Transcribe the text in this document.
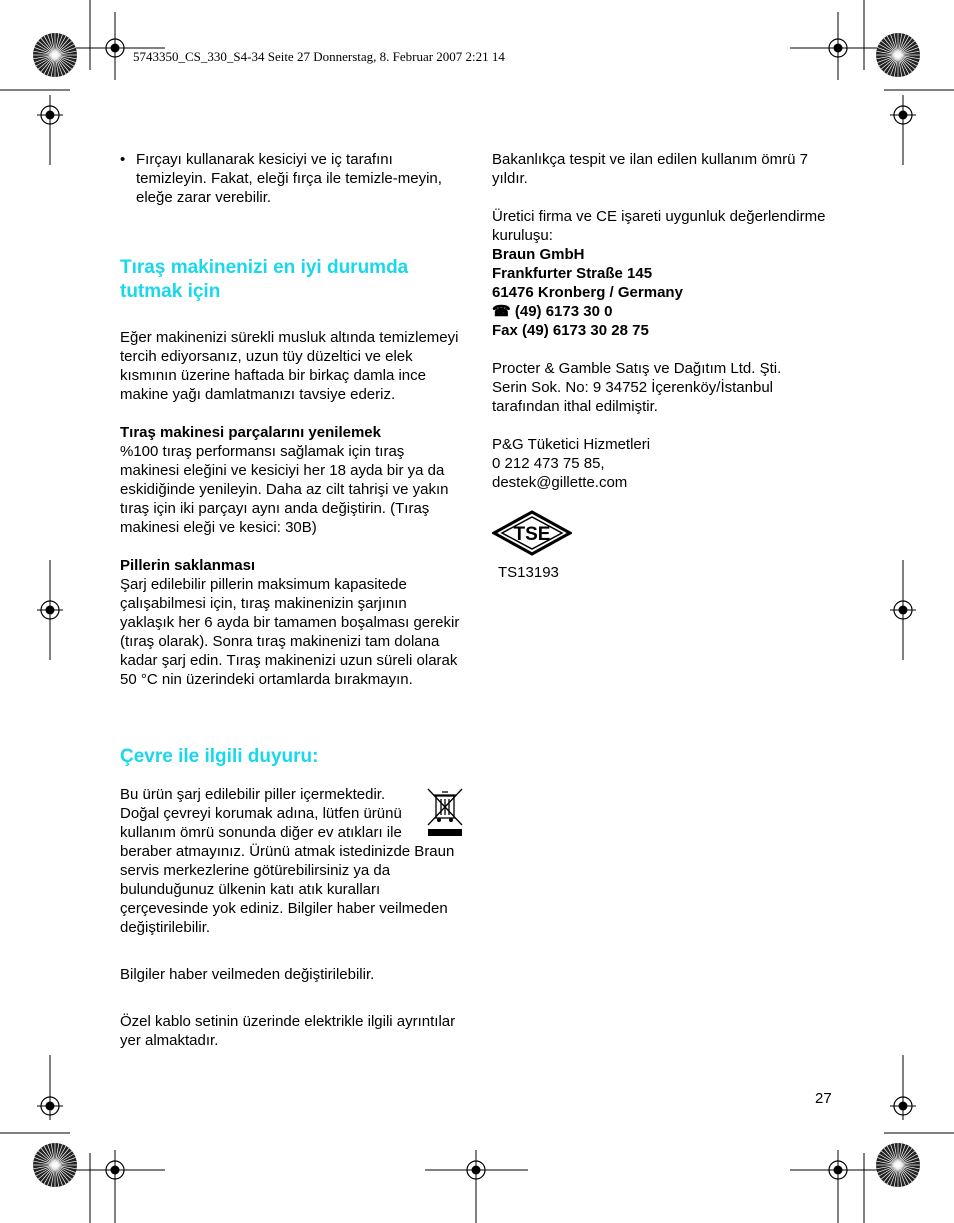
5743350_CS_330_S4-34 Seite 27 Donnerstag, 8. Februar 2007 2:21 14
• Fırçayı kullanarak kesiciyi ve iç tarafını temizleyin. Fakat, eleği fırça ile temizle-meyin, eleğe zarar verebilir.

Tıraş makinenizi en iyi durumda tutmak için

Eğer makinenizi sürekli musluk altında temizlemeyi tercih ediyorsanız, uzun tüy düzeltici ve elek kısmının üzerine haftada bir birkaç damla ince makine yağı damlatmanızı tavsiye ederiz.

Tıraş makinesi parçalarını yenilemek

%100 tıraş performansı sağlamak için tıraş makinesi eleğini ve kesiciyi her 18 ayda bir ya da eskidiğinde yenileyin. Daha az cilt tahrişi ve yakın tıraş için iki parçayı aynı anda değiştirin. (Tıraş makinesi eleği ve kesici: 30B)

Pillerin saklanması

Şarj edilebilir pillerin maksimum kapasitede çalışabilmesi için, tıraş makinenizin şarjının yaklaşık her 6 ayda bir tamamen boşalması gerekir (tıraş olarak). Sonra tıraş makinenizi tam dolana kadar şarj edin. Tıraş makinenizi uzun süreli olarak 50 °C nin üzerindeki ortamlarda bırakmayın.

Çevre ile ilgili duyuru:

Bu ürün şarj edilebilir piller içermektedir. Doğal çevreyi korumak adına, lütfen ürünü kullanım ömrü sonunda diğer ev atıkları ile beraber atmayınız. Ürünü atmak istedinizde Braun servis merkezlerine götürebilirsiniz ya da bulunduğunuz ülkenin katı atık kuralları çerçevesinde yok ediniz. Bilgiler haber veilmeden değiştirilebilir.

Bilgiler haber veilmeden değiştirilebilir.

Özel kablo setinin üzerinde elektrikle ilgili ayrıntılar yer almaktadır.

Bakanlıkça tespit ve ilan edilen kullanım ömrü 7 yıldır.

Üretici firma ve CE işareti uygunluk değerlendirme kuruluşu:

Braun GmbH

Frankfurter Straße 145

61476 Kronberg / Germany

☎ (49) 6173 30 0

Fax (49) 6173 30 28 75

Procter & Gamble Satış ve Dağıtım Ltd. Şti.

Serin Sok. No: 9 34752 İçerenköy/İstanbul

tarafından ithal edilmiştir.

P&G Tüketici Hizmetleri

0 212 473 75 85,

destek@gillette.com

TSE

TS13193

27
